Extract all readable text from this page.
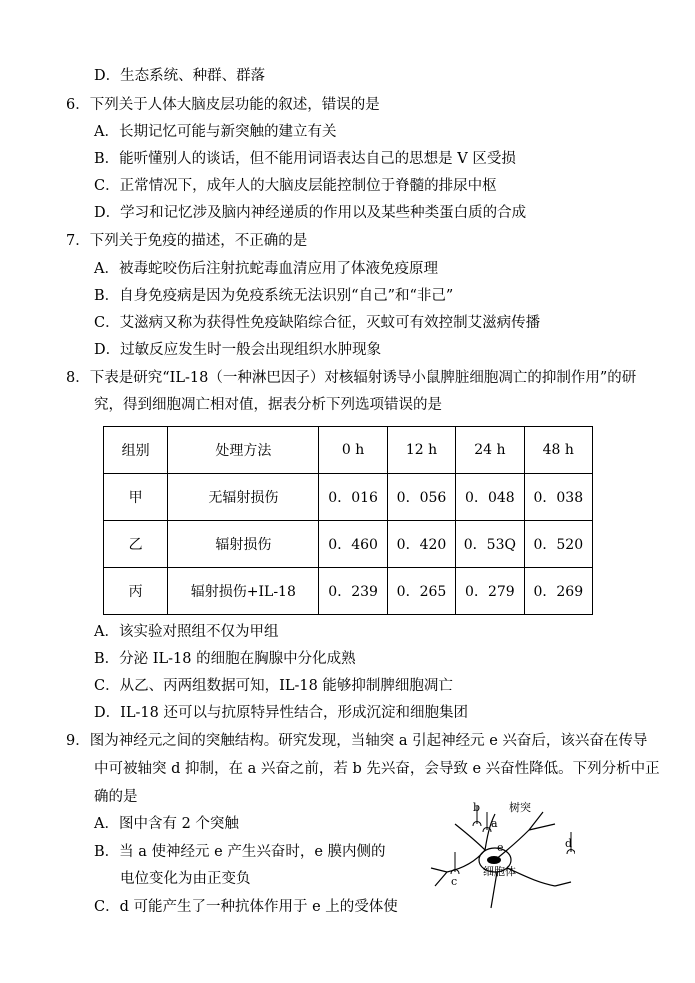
D．生态系统、种群、群落
6．下列关于人体大脑皮层功能的叙述，错误的是
A．长期记忆可能与新突触的建立有关
B．能听懂别人的谈话，但不能用词语表达自己的思想是 V 区受损
C．正常情况下，成年人的大脑皮层能控制位于脊髓的排尿中枢
D．学习和记忆涉及脑内神经递质的作用以及某些种类蛋白质的合成
7．下列关于免疫的描述，不正确的是
A．被毒蛇咬伤后注射抗蛇毒血清应用了体液免疫原理
B．自身免疫病是因为免疫系统无法识别“自己”和“非己”
C．艾滋病又称为获得性免疫缺陷综合征，灭蚊可有效控制艾滋病传播
D．过敏反应发生时一般会出现组织水肿现象
8．下表是研究“IL-18（一种淋巴因子）对核辐射诱导小鼠脾脏细胞凋亡的抑制作用”的研
究，得到细胞凋亡相对值，据表分析下列选项错误的是
组别	处理方法	0 h	12 h	24 h	48 h
甲	无辐射损伤	0．016	0．056	0．048	0．038
乙	辐射损伤	0．460	0．420	0．53Q	0．520
丙	辐射损伤+IL-18	0．239	0．265	0．279	0．269
A．该实验对照组不仅为甲组
B．分泌 IL-18 的细胞在胸腺中分化成熟
C．从乙、丙两组数据可知，IL-18 能够抑制脾细胞凋亡
D．IL-18 还可以与抗原特异性结合，形成沉淀和细胞集团
9．图为神经元之间的突触结构。研究发现，当轴突 a 引起神经元 e 兴奋后，该兴奋在传导
中可被轴突 d 抑制，在 a 兴奋之前，若 b 先兴奋，会导致 e 兴奋性降低。下列分析中正
确的是
A．图中含有 2 个突触
B．当 a 使神经元 e 产生兴奋时，e 膜内侧的
电位变化为由正变负
C．d 可能产生了一种抗体作用于 e 上的受体使
b
a
树突
e
细胞体
c
d
